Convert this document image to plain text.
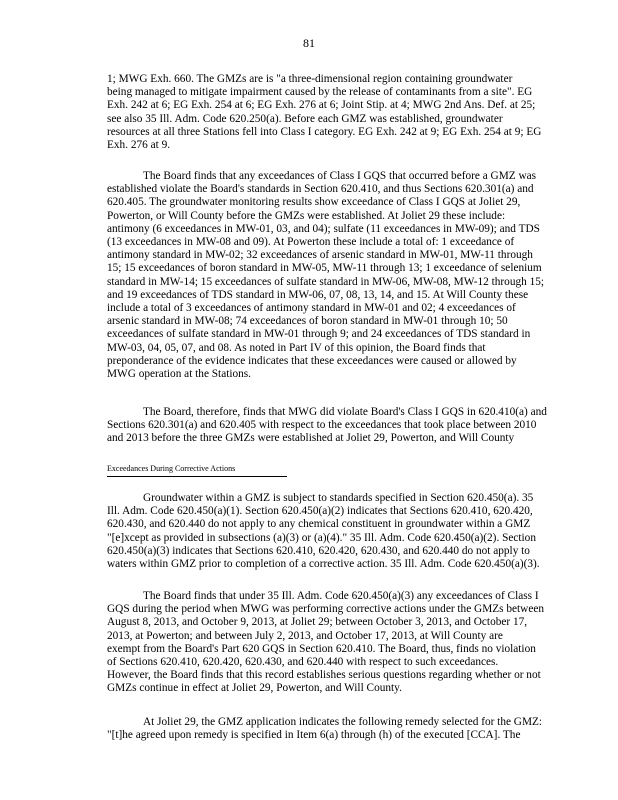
81

1; MWG Exh. 660. The GMZs are is "a three-dimensional region containing groundwater
being managed to mitigate impairment caused by the release of contaminants from a site". EG
Exh. 242 at 6; EG Exh. 254 at 6; EG Exh. 276 at 6; Joint Stip. at 4; MWG 2nd Ans. Def. at 25;
see also 35 Ill. Adm. Code 620.250(a). Before each GMZ was established, groundwater
resources at all three Stations fell into Class I category. EG Exh. 242 at 9; EG Exh. 254 at 9; EG
Exh. 276 at 9.

The Board finds that any exceedances of Class I GQS that occurred before a GMZ was
established violate the Board's standards in Section 620.410, and thus Sections 620.301(a) and
620.405. The groundwater monitoring results show exceedance of Class I GQS at Joliet 29,
Powerton, or Will County before the GMZs were established. At Joliet 29 these include:
antimony (6 exceedances in MW-01, 03, and 04); sulfate (11 exceedances in MW-09); and TDS
(13 exceedances in MW-08 and 09). At Powerton these include a total of: 1 exceedance of
antimony standard in MW-02; 32 exceedances of arsenic standard in MW-01, MW-11 through
15; 15 exceedances of boron standard in MW-05, MW-11 through 13; 1 exceedance of selenium
standard in MW-14; 15 exceedances of sulfate standard in MW-06, MW-08, MW-12 through 15;
and 19 exceedances of TDS standard in MW-06, 07, 08, 13, 14, and 15. At Will County these
include a total of 3 exceedances of antimony standard in MW-01 and 02; 4 exceedances of
arsenic standard in MW-08; 74 exceedances of boron standard in MW-01 through 10; 50
exceedances of sulfate standard in MW-01 through 9; and 24 exceedances of TDS standard in
MW-03, 04, 05, 07, and 08. As noted in Part IV of this opinion, the Board finds that
preponderance of the evidence indicates that these exceedances were caused or allowed by
MWG operation at the Stations.

The Board, therefore, finds that MWG did violate Board's Class I GQS in 620.410(a) and
Sections 620.301(a) and 620.405 with respect to the exceedances that took place between 2010
and 2013 before the three GMZs were established at Joliet 29, Powerton, and Will County

Exceedances During Corrective Actions

Groundwater within a GMZ is subject to standards specified in Section 620.450(a). 35
Ill. Adm. Code 620.450(a)(1). Section 620.450(a)(2) indicates that Sections 620.410, 620.420,
620.430, and 620.440 do not apply to any chemical constituent in groundwater within a GMZ
"[e]xcept as provided in subsections (a)(3) or (a)(4)." 35 Ill. Adm. Code 620.450(a)(2). Section
620.450(a)(3) indicates that Sections 620.410, 620.420, 620.430, and 620.440 do not apply to
waters within GMZ prior to completion of a corrective action. 35 Ill. Adm. Code 620.450(a)(3).

The Board finds that under 35 Ill. Adm. Code 620.450(a)(3) any exceedances of Class I
GQS during the period when MWG was performing corrective actions under the GMZs between
August 8, 2013, and October 9, 2013, at Joliet 29; between October 3, 2013, and October 17,
2013, at Powerton; and between July 2, 2013, and October 17, 2013, at Will County are
exempt from the Board's Part 620 GQS in Section 620.410. The Board, thus, finds no violation
of Sections 620.410, 620.420, 620.430, and 620.440 with respect to such exceedances.
However, the Board finds that this record establishes serious questions regarding whether or not
GMZs continue in effect at Joliet 29, Powerton, and Will County.

At Joliet 29, the GMZ application indicates the following remedy selected for the GMZ:
"[t]he agreed upon remedy is specified in Item 6(a) through (h) of the executed [CCA]. The
